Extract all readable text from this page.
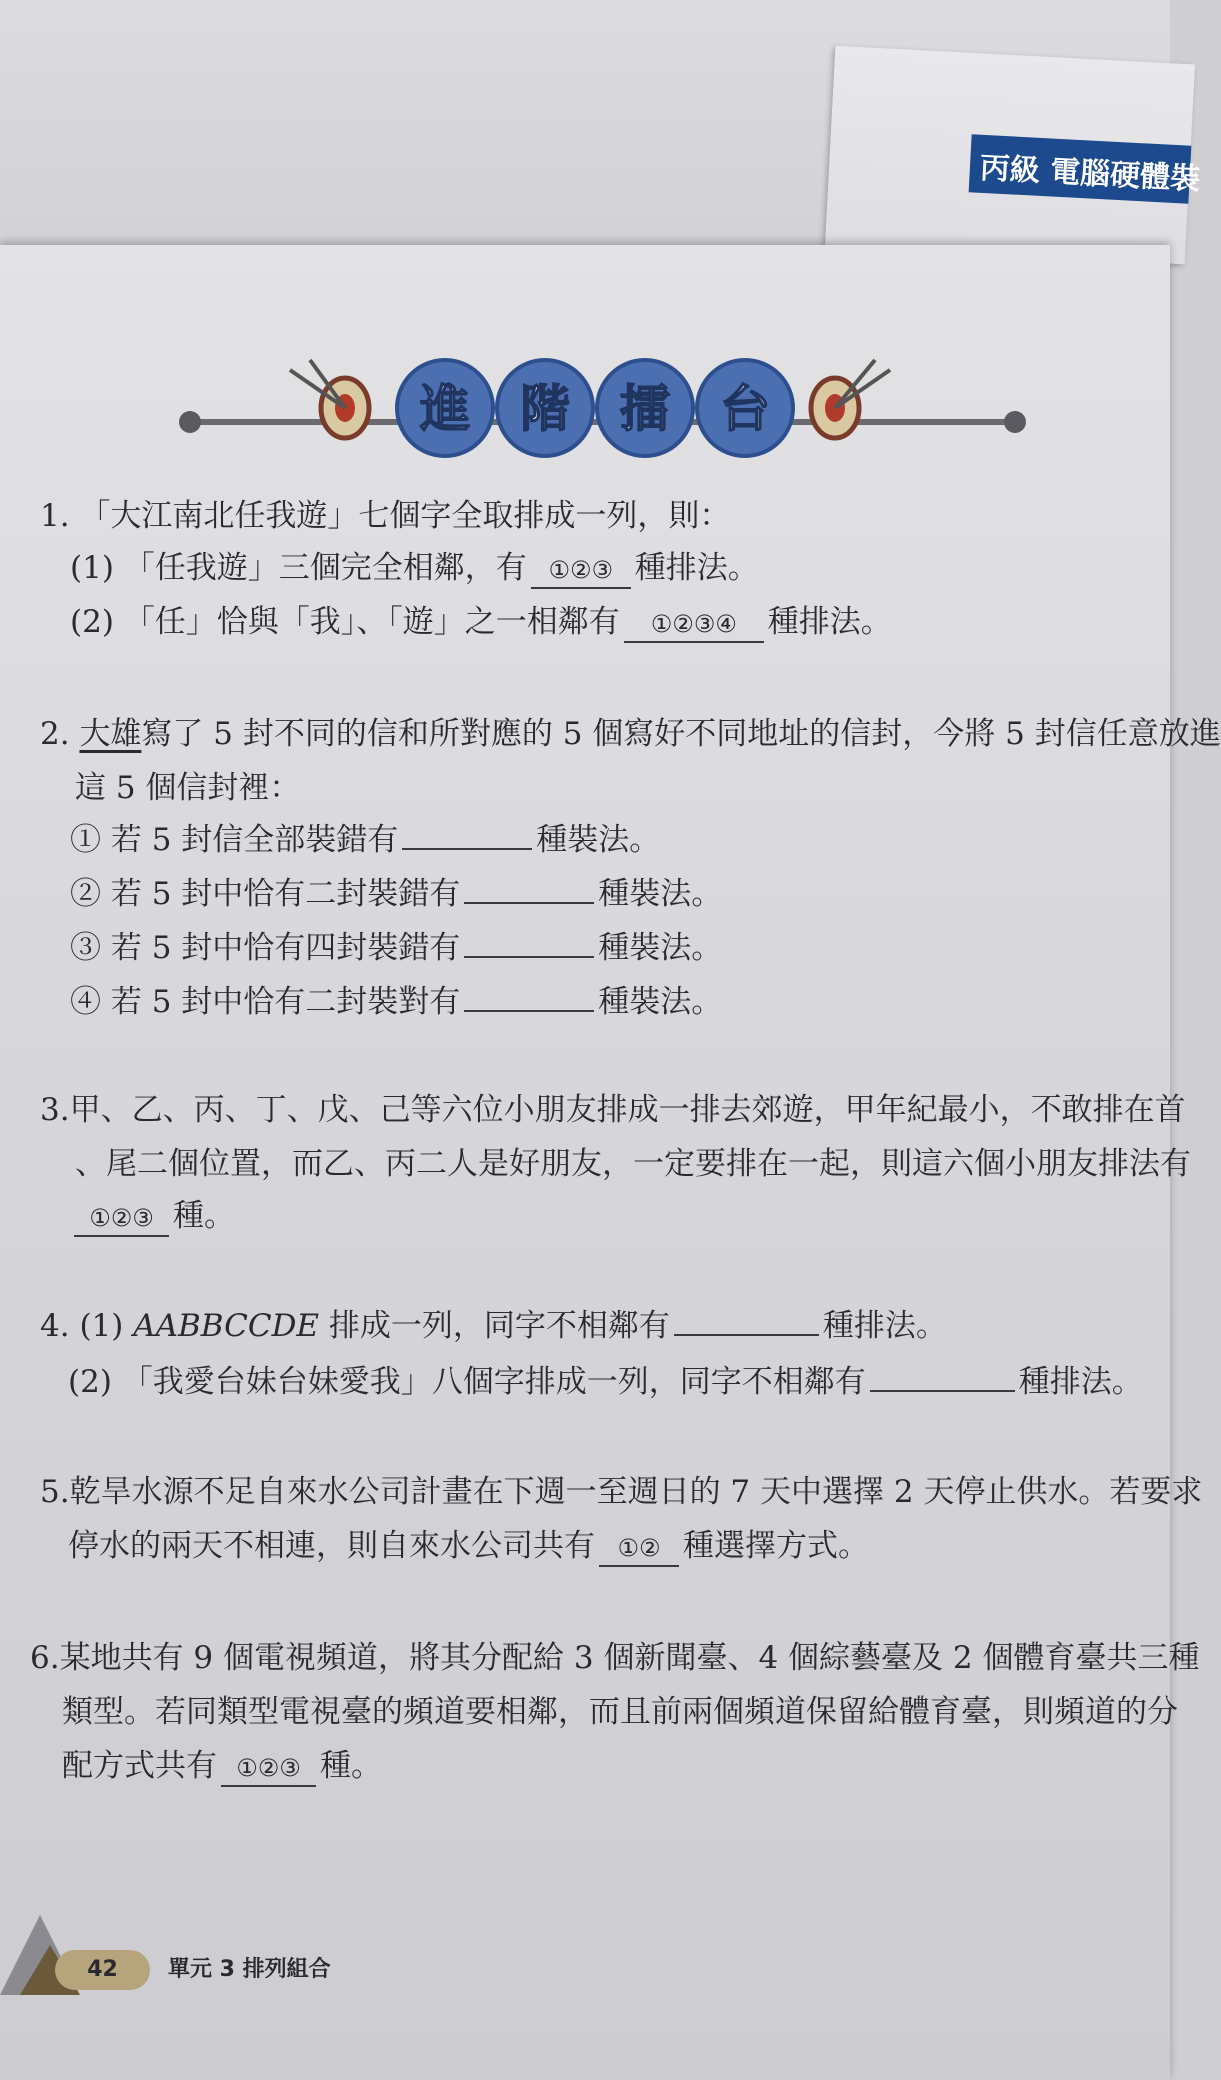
丙級 電腦硬體裝
進 階 擂 台
1. 「大江南北任我遊」七個字全取排成一列，則：
(1) 「任我遊」三個完全相鄰，有 ①②③ 種排法。
(2) 「任」恰與「我」、「遊」之一相鄰有 ①②③④ 種排法。
2. 大雄寫了 5 封不同的信和所對應的 5 個寫好不同地址的信封，今將 5 封信任意放進
這 5 個信封裡：
① 若 5 封信全部裝錯有	種裝法。
② 若 5 封中恰有二封裝錯有	種裝法。
③ 若 5 封中恰有四封裝錯有	種裝法。
④ 若 5 封中恰有二封裝對有	種裝法。
3.甲、乙、丙、丁、戊、己等六位小朋友排成一排去郊遊，甲年紀最小，不敢排在首
、尾二個位置，而乙、丙二人是好朋友，一定要排在一起，則這六個小朋友排法有
①②③ 種。
4. (1) AABBCCDE 排成一列，同字不相鄰有	種排法。
(2) 「我愛台妹台妹愛我」八個字排成一列，同字不相鄰有	種排法。
5.乾旱水源不足自來水公司計畫在下週一至週日的 7 天中選擇 2 天停止供水。若要求
停水的兩天不相連，則自來水公司共有 ①② 種選擇方式。
6.某地共有 9 個電視頻道，將其分配給 3 個新聞臺、4 個綜藝臺及 2 個體育臺共三種
類型。若同類型電視臺的頻道要相鄰，而且前兩個頻道保留給體育臺，則頻道的分
配方式共有 ①②③ 種。
42	單元 3 排列組合
